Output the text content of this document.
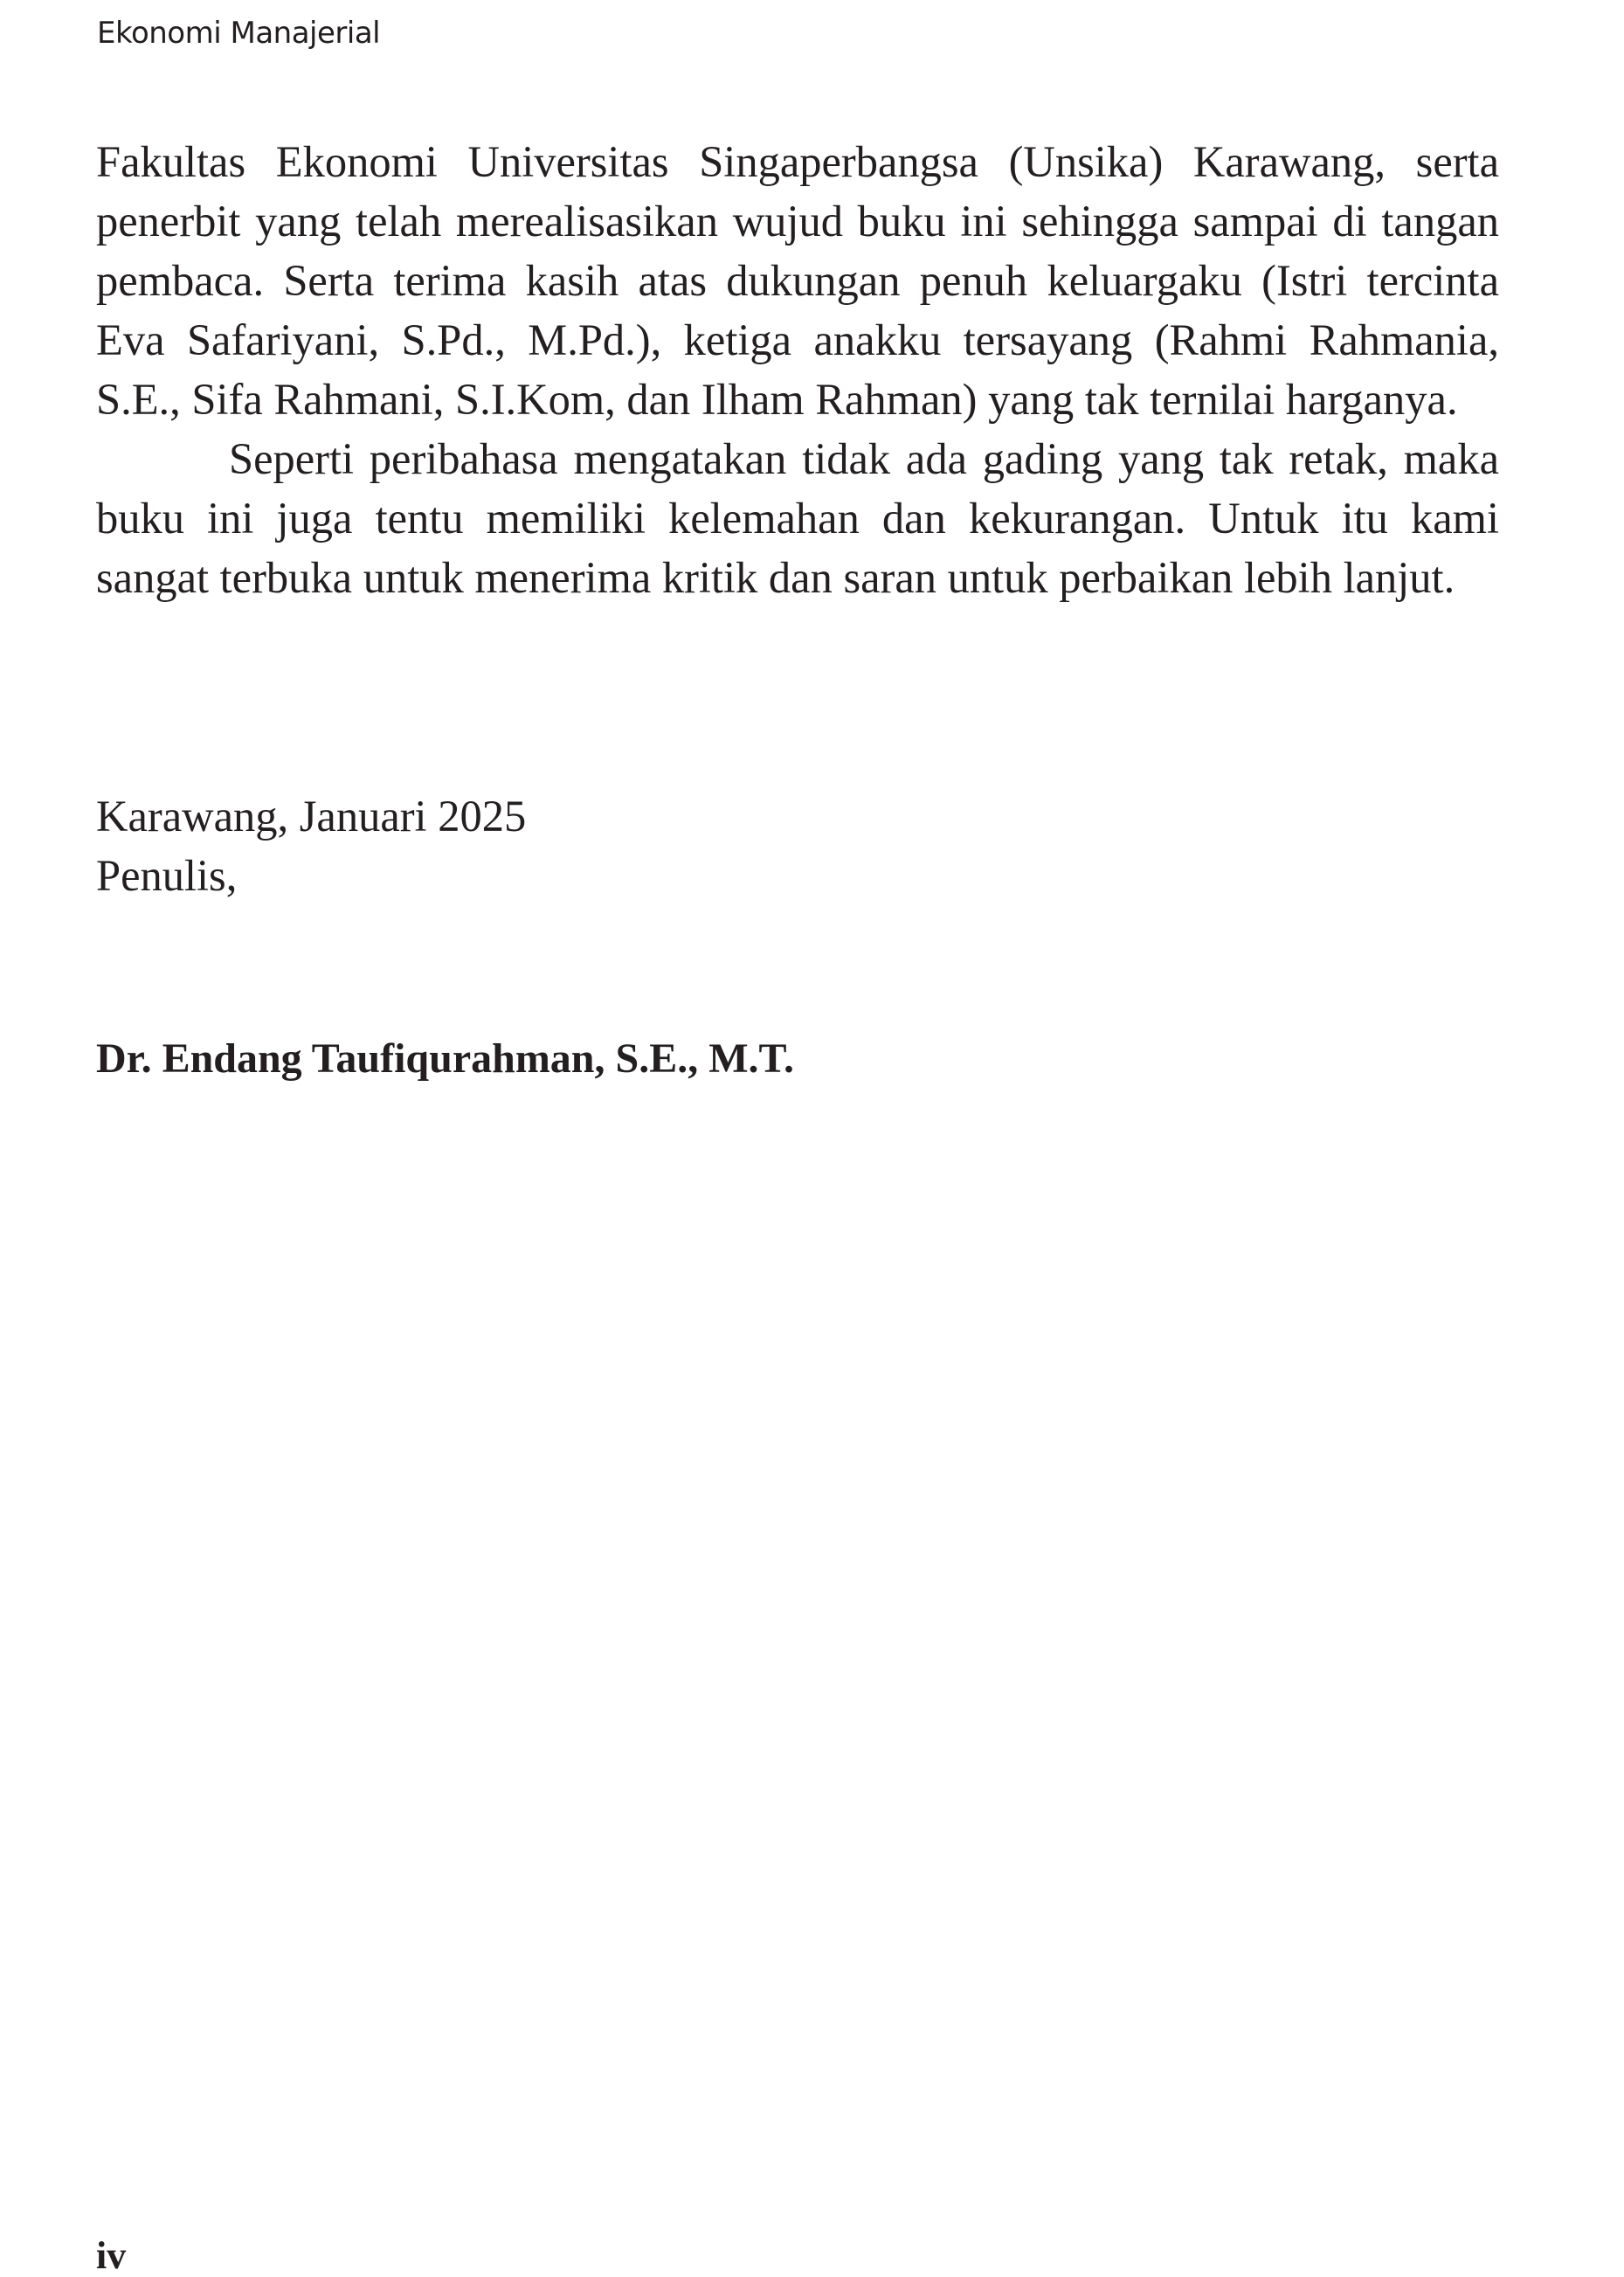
Ekonomi Manajerial

Fakultas Ekonomi Universitas Singaperbangsa (Unsika) Karawang, serta penerbit yang telah merealisasikan wujud buku ini sehingga sampai di tangan pembaca. Serta terima kasih atas dukungan penuh keluargaku (Istri tercinta Eva Safariyani, S.Pd., M.Pd.), ketiga anakku tersayang (Rahmi Rahmania, S.E., Sifa Rahmani, S.I.Kom, dan Ilham Rahman) yang tak ternilai harganya.

Seperti peribahasa mengatakan tidak ada gading yang tak retak, maka buku ini juga tentu memiliki kelemahan dan kekurangan. Untuk itu kami sangat terbuka untuk menerima kritik dan saran untuk perbaikan lebih lanjut.

Karawang, Januari 2025
Penulis,
Dr. Endang Taufiqurahman, S.E., M.T.
iv
